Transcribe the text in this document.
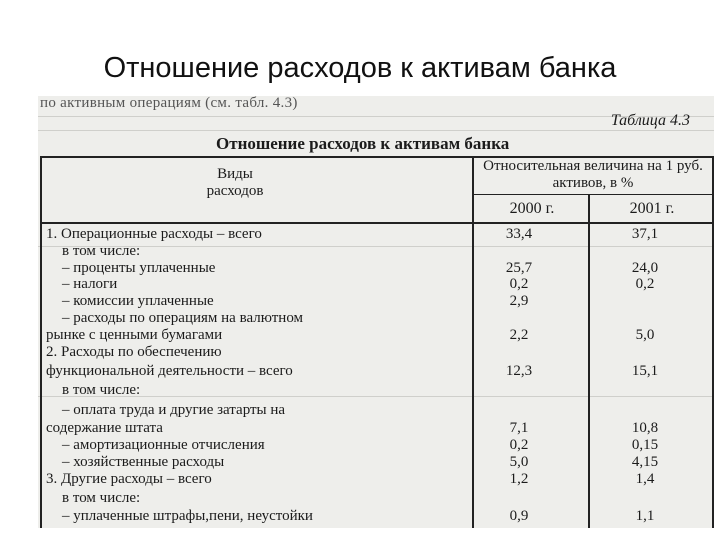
Отношение расходов к активам банка
по активным операциям (см. табл. 4.3)
Таблица 4.3
Отношение расходов к активам банка
Виды расходов
Относительная величина на 1 руб. активов, в %
2000 г.	2001 г.
1. Операционные расходы – всего	33,4	37,1
в том числе:
– проценты уплаченные	25,7	24,0
– налоги	0,2	0,2
– комиссии уплаченные	2,9
– расходы по операциям на валютном
рынке с ценными бумагами	2,2	5,0
2. Расходы по обеспечению
функциональной деятельности – всего	12,3	15,1
в том числе:
– оплата труда и другие затарты на
содержание штата	7,1	10,8
– амортизационные отчисления	0,2	0,15
– хозяйственные расходы	5,0	4,15
3. Другие расходы – всего	1,2	1,4
в том числе:
– уплаченные штрафы,пени, неустойки	0,9	1,1
